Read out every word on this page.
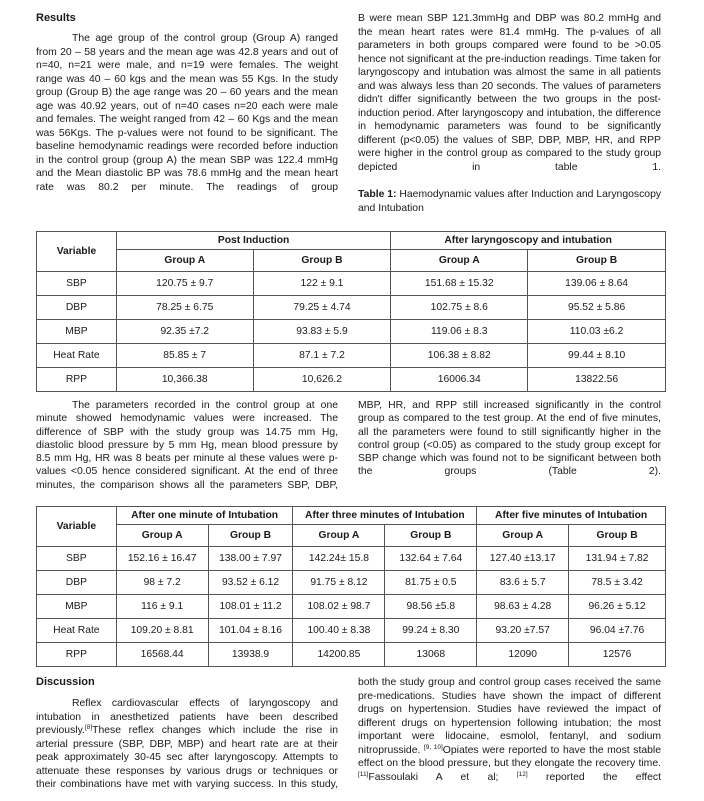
Results
The age group of the control group (Group A) ranged from 20 – 58 years and the mean age was 42.8 years and out of n=40, n=21 were male, and n=19 were females. The weight range was 40 – 60 kgs and the mean was 55 Kgs. In the study group (Group B) the age range was 20 – 60 years and the mean age was 40.92 years, out of n=40 cases n=20 each were male and females. The weight ranged from 42 – 60 Kgs and the mean was 56Kgs. The p-values were not found to be significant. The baseline hemodynamic readings were recorded before induction in the control group (group A) the mean SBP was 122.4 mmHg and the Mean diastolic BP was 78.6 mmHg and the mean heart rate was 80.2 per minute. The readings of group
B were mean SBP 121.3mmHg and DBP was 80.2 mmHg and the mean heart rates were 81.4 mmHg. The p-values of all parameters in both groups compared were found to be >0.05 hence not significant at the pre-induction readings. Time taken for laryngoscopy and intubation was almost the same in all patients and was always less than 20 seconds. The values of parameters didn't differ significantly between the two groups in the post-induction period. After laryngoscopy and intubation, the difference in hemodynamic parameters was found to be significantly different (p<0.05) the values of SBP, DBP, MBP, HR, and RPP were higher in the control group as compared to the study group depicted in table 1.
Table 1: Haemodynamic values after Induction and Laryngoscopy and Intubation
Variable	Post Induction		After laryngoscopy and intubation	
	Group A	Group B	Group A	Group B
SBP	120.75 ± 9.7	122 ± 9.1	151.68 ± 15.32	139.06 ± 8.64
DBP	78.25 ± 6.75	79.25 ± 4.74	102.75 ± 8.6	95.52 ± 5.86
MBP	92.35 ±7.2	93.83 ± 5.9	119.06 ± 8.3	110.03 ±6.2
Heat Rate	85.85 ± 7	87.1 ± 7.2	106.38 ± 8.82	99.44 ± 8.10
RPP	10,366.38	10,626.2	16006.34	13822.56
The parameters recorded in the control group at one minute showed hemodynamic values were increased. The difference of SBP with the study group was 14.75 mm Hg, diastolic blood pressure by 5 mm Hg, mean blood pressure by 8.5 mm Hg, HR was 8 beats per minute al these values were p-values <0.05 hence considered significant. At the end of three minutes, the comparison shows all the parameters SBP, DBP,
MBP, HR, and RPP still increased significantly in the control group as compared to the test group. At the end of five minutes, all the parameters were found to still significantly higher in the control group (<0.05) as compared to the study group except for SBP change which was found not to be significant between both the groups (Table 2).
Variable	After one minute of Intubation		After three minutes of Intubation		After five minutes of Intubation	
	Group A	Group B	Group A	Group B	Group A	Group B
SBP	152.16 ± 16.47	138.00 ± 7.97	142.24± 15.8	132.64 ± 7.64	127.40 ±13.17	131.94 ± 7.82
DBP	98 ± 7.2	93.52 ± 6.12	91.75 ± 8.12	81.75 ± 0.5	83.6 ± 5.7	78.5 ± 3.42
MBP	116 ± 9.1	108.01 ± 11.2	108.02 ± 98.7	98.56 ±5.8	98.63 ± 4.28	96.26 ± 5.12
Heat Rate	109.20 ± 8.81	101.04 ± 8.16	100.40 ± 8.38	99.24 ± 8.30	93.20 ±7.57	96.04 ±7.76
RPP	16568.44	13938.9	14200.85	13068	12090	12576
Discussion
Reflex cardiovascular effects of laryngoscopy and intubation in anesthetized patients have been described previously.[8]These reflex changes which include the rise in arterial pressure (SBP, DBP, MBP) and heart rate are at their peak approximately 30-45 sec after laryngoscopy. Attempts to attenuate these responses by various drugs or techniques or their combinations have met with varying success. In this study,
both the study group and control group cases received the same pre-medications. Studies have shown the impact of different drugs on hypertension. Studies have reviewed the impact of different drugs on hypertension following intubation; the most important were lidocaine, esmolol, fentanyl, and sodium nitroprusside. [9, 10]Opiates were reported to have the most stable effect on the blood pressure, but they elongate the recovery time. [11]Fassoulaki A et al;	[12] reported the effect
